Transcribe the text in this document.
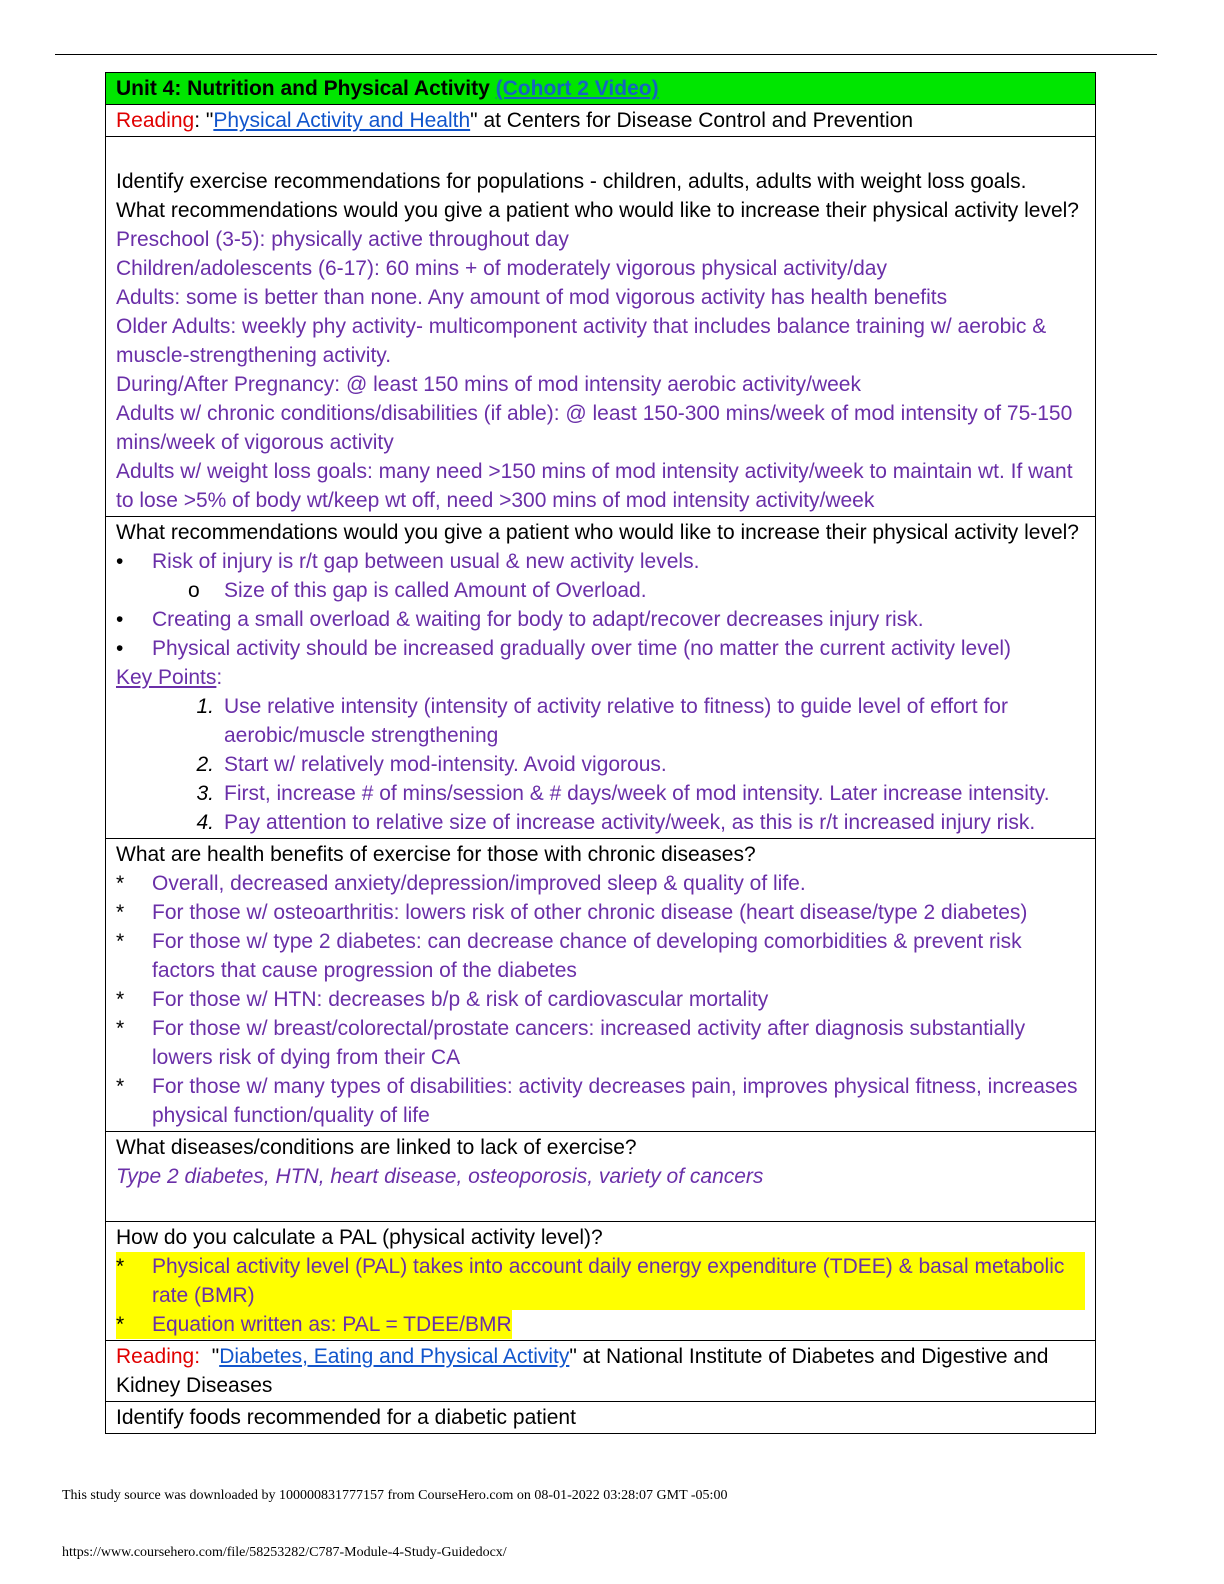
Unit 4: Nutrition and Physical Activity (Cohort 2 Video)
Reading: "Physical Activity and Health" at Centers for Disease Control and Prevention

Identify exercise recommendations for populations - children, adults, adults with weight loss goals.
What recommendations would you give a patient who would like to increase their physical activity level?
Preschool (3-5): physically active throughout day
Children/adolescents (6-17): 60 mins + of moderately vigorous physical activity/day
Adults: some is better than none. Any amount of mod vigorous activity has health benefits
Older Adults: weekly phy activity- multicomponent activity that includes balance training w/ aerobic & muscle-strengthening activity.
During/After Pregnancy: @ least 150 mins of mod intensity aerobic activity/week
Adults w/ chronic conditions/disabilities (if able): @ least 150-300 mins/week of mod intensity of 75-150 mins/week of vigorous activity
Adults w/ weight loss goals: many need >150 mins of mod intensity activity/week to maintain wt. If want to lose >5% of body wt/keep wt off, need >300 mins of mod intensity activity/week

What recommendations would you give a patient who would like to increase their physical activity level?
•	Risk of injury is r/t gap between usual & new activity levels.
o	Size of this gap is called Amount of Overload.
•	Creating a small overload & waiting for body to adapt/recover decreases injury risk.
•	Physical activity should be increased gradually over time (no matter the current activity level)
Key Points:
1. Use relative intensity (intensity of activity relative to fitness) to guide level of effort for aerobic/muscle strengthening
2. Start w/ relatively mod-intensity. Avoid vigorous.
3. First, increase # of mins/session & # days/week of mod intensity. Later increase intensity.
4. Pay attention to relative size of increase activity/week, as this is r/t increased injury risk.

What are health benefits of exercise for those with chronic diseases?
*	Overall, decreased anxiety/depression/improved sleep & quality of life.
*	For those w/ osteoarthritis: lowers risk of other chronic disease (heart disease/type 2 diabetes)
*	For those w/ type 2 diabetes: can decrease chance of developing comorbidities & prevent risk factors that cause progression of the diabetes
*	For those w/ HTN: decreases b/p & risk of cardiovascular mortality
*	For those w/ breast/colorectal/prostate cancers: increased activity after diagnosis substantially lowers risk of dying from their CA
*	For those w/ many types of disabilities: activity decreases pain, improves physical fitness, increases physical function/quality of life

What diseases/conditions are linked to lack of exercise?
Type 2 diabetes, HTN, heart disease, osteoporosis, variety of cancers

How do you calculate a PAL (physical activity level)?
*	Physical activity level (PAL) takes into account daily energy expenditure (TDEE) & basal metabolic rate (BMR)
*	Equation written as: PAL = TDEE/BMR

Reading:  "Diabetes, Eating and Physical Activity" at National Institute of Diabetes and Digestive and Kidney Diseases

Identify foods recommended for a diabetic patient
This study source was downloaded by 100000831777157 from CourseHero.com on 08-01-2022 03:28:07 GMT -05:00
https://www.coursehero.com/file/58253282/C787-Module-4-Study-Guidedocx/
